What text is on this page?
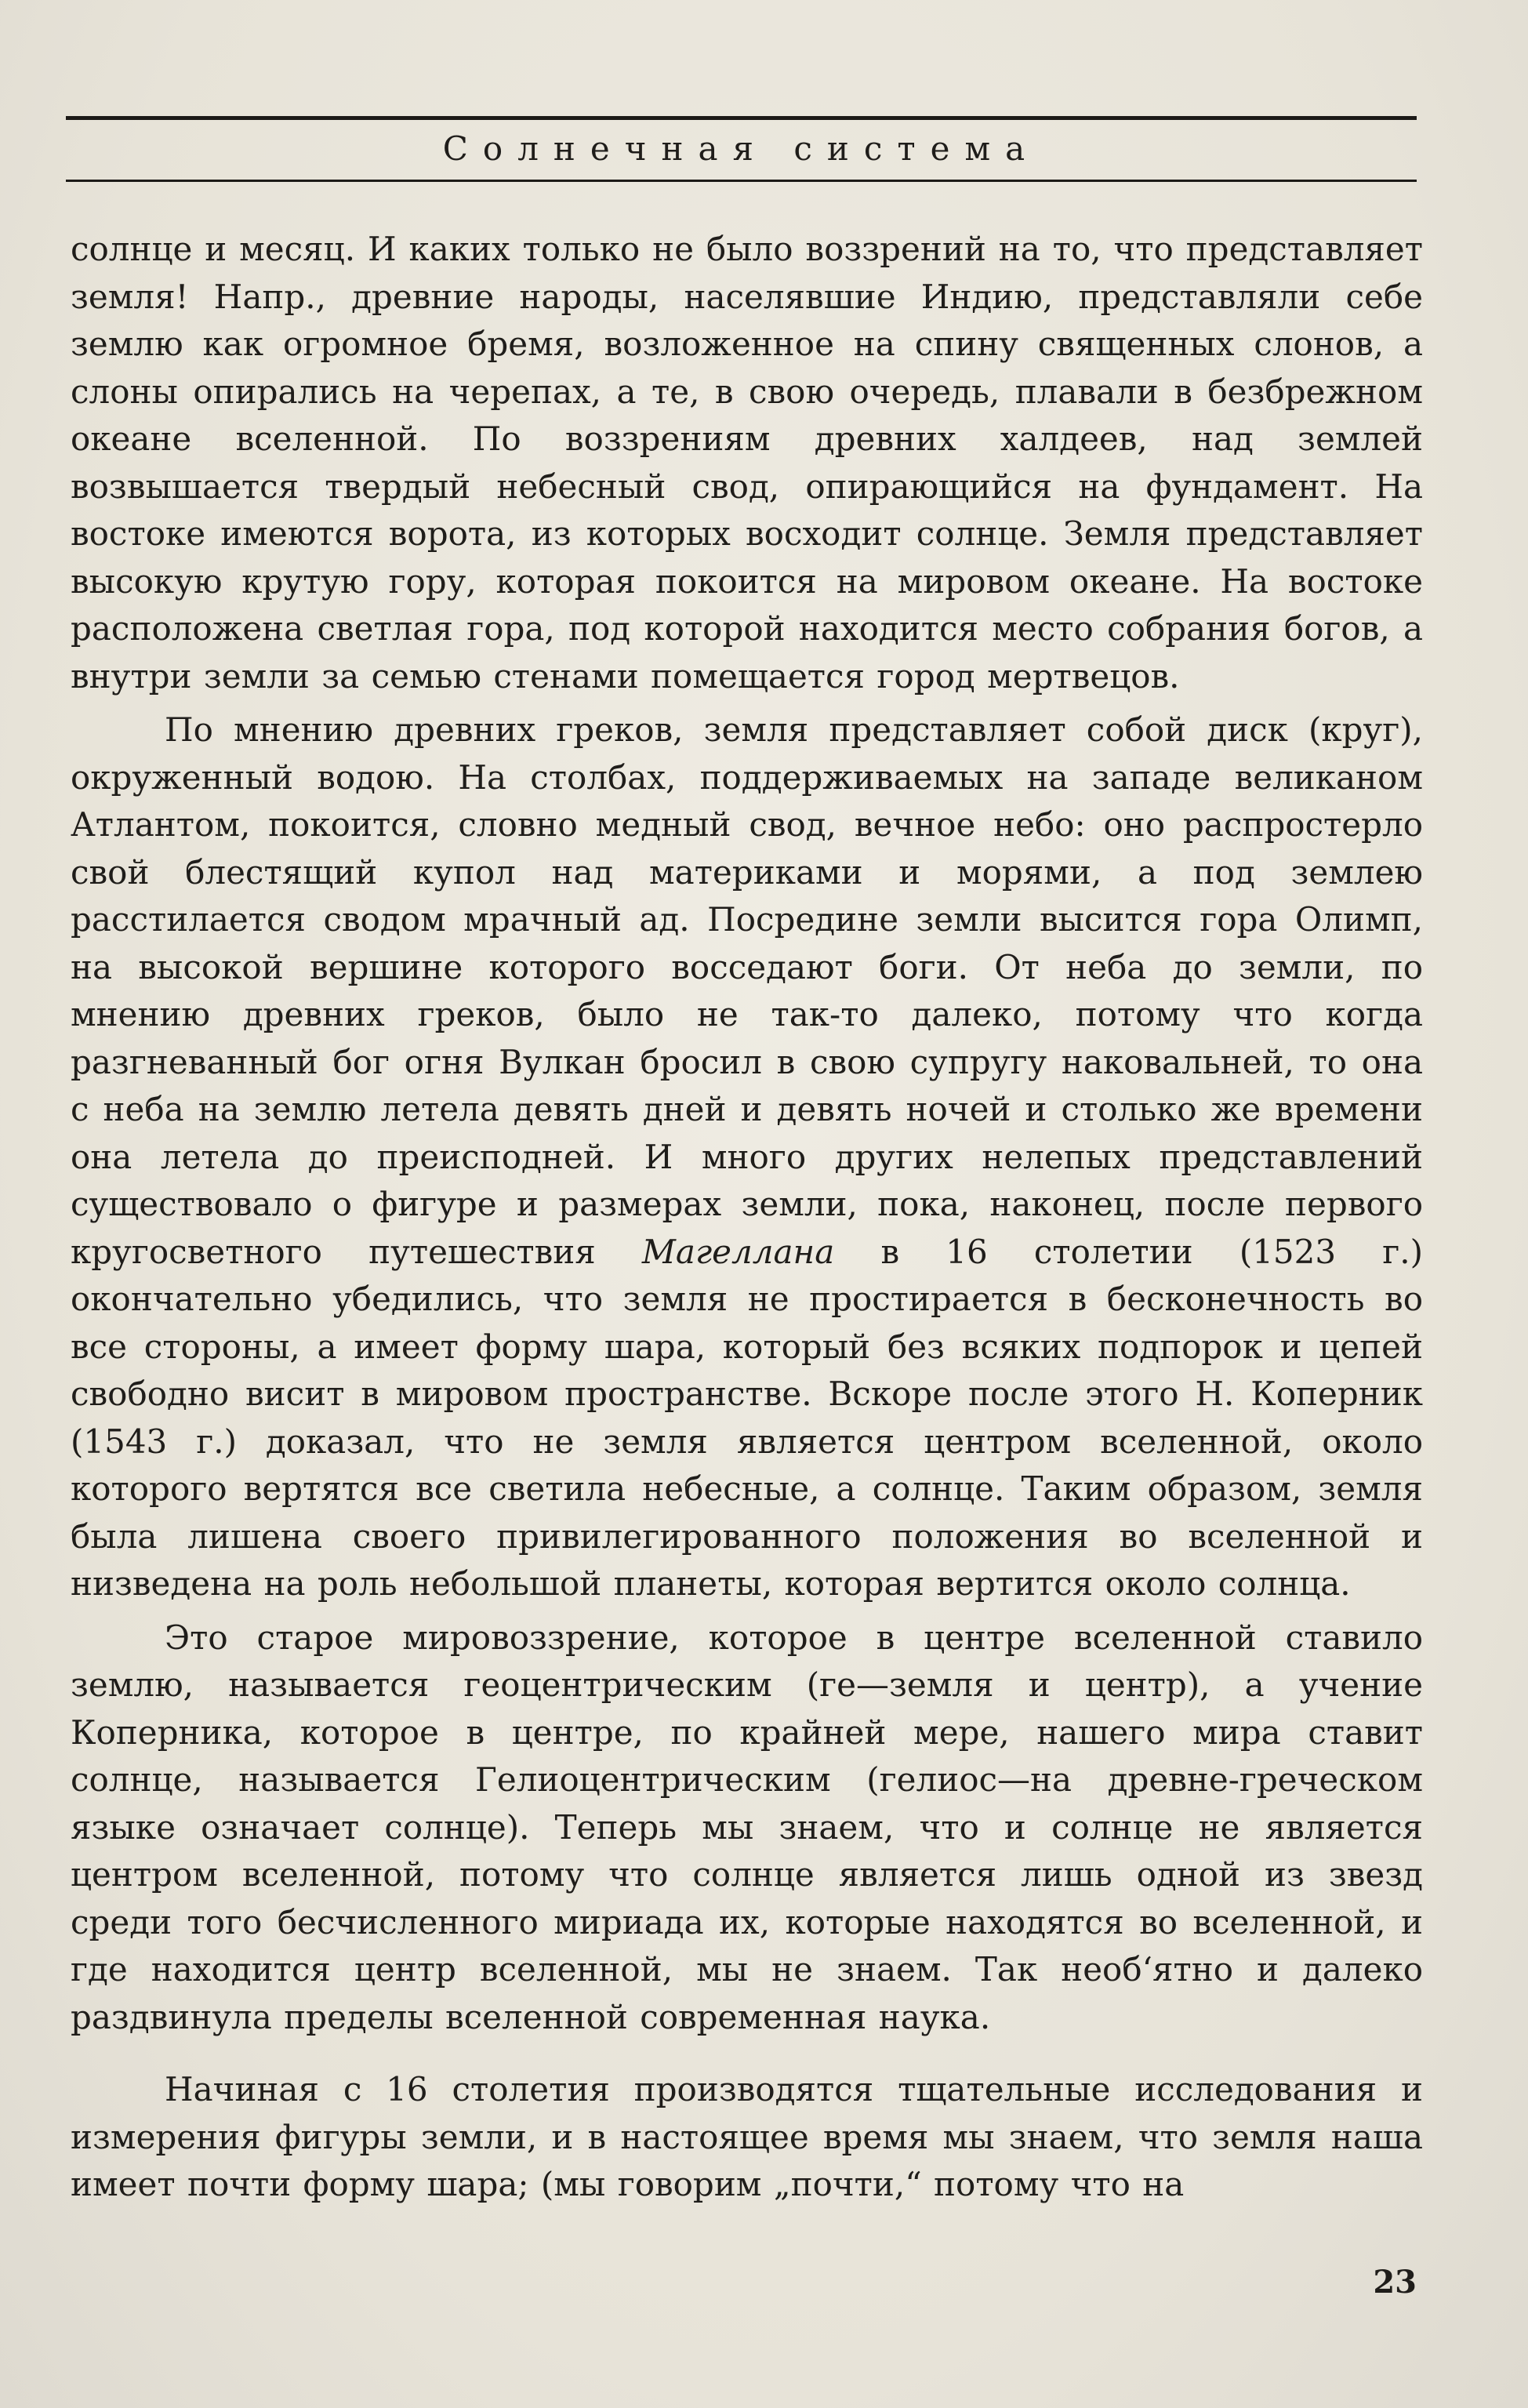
Солнечная система

солнце и месяц. И каких только не было воззрений на то, что представляет земля! Напр., древние народы, населявшие Индию, представляли себе землю как огромное бремя, возложенное на спину священных слонов, а слоны опирались на черепах, а те, в свою очередь, плавали в безбрежном океане вселенной. По воззрениям древних халдеев, над землей возвышается твердый небесный свод, опирающийся на фундамент. На востоке имеются ворота, из которых восходит солнце. Земля представляет высокую крутую гору, которая покоится на мировом океане. На востоке расположена светлая гора, под которой находится место собрания богов, а внутри земли за семью стенами помещается город мертвецов.

По мнению древних греков, земля представляет собой диск (круг), окруженный водою. На столбах, поддерживаемых на западе великаном Атлантом, покоится, словно медный свод, вечное небо: оно распростерло свой блестящий купол над материками и морями, а под землею расстилается сводом мрачный ад. Посредине земли высится гора Олимп, на высокой вершине которого восседают боги. От неба до земли, по мнению древних греков, было не так-то далеко, потому что когда разгневанный бог огня Вулкан бросил в свою супругу наковальней, то она с неба на землю летела девять дней и девять ночей и столько же времени она летела до преисподней. И много других нелепых представлений существовало о фигуре и размерах земли, пока, наконец, после первого кругосветного путешествия Магеллана в 16 столетии (1523 г.) окончательно убедились, что земля не простирается в бесконечность во все стороны, а имеет форму шара, который без всяких подпорок и цепей свободно висит в мировом пространстве. Вскоре после этого Н. Коперник (1543 г.) доказал, что не земля является центром вселенной, около которого вертятся все светила небесные, а солнце. Таким образом, земля была лишена своего привилегированного положения во вселенной и низведена на роль небольшой планеты, которая вертится около солнца.

Это старое мировоззрение, которое в центре вселенной ставило землю, называется геоцентрическим (ге—земля и центр), а учение Коперника, которое в центре, по крайней мере, нашего мира ставит солнце, называется Гелиоцентрическим (гелиос—на древне-греческом языке означает солнце). Теперь мы знаем, что и солнце не является центром вселенной, потому что солнце является лишь одной из звезд среди того бесчисленного мириада их, которые находятся во вселенной, и где находится центр вселенной, мы не знаем. Так необ‘ятно и далеко раздвинула пределы вселенной современная наука.

Начиная с 16 столетия производятся тщательные исследования и измерения фигуры земли, и в настоящее время мы знаем, что земля наша имеет почти форму шара; (мы говорим „почти,“ потому что на

23
